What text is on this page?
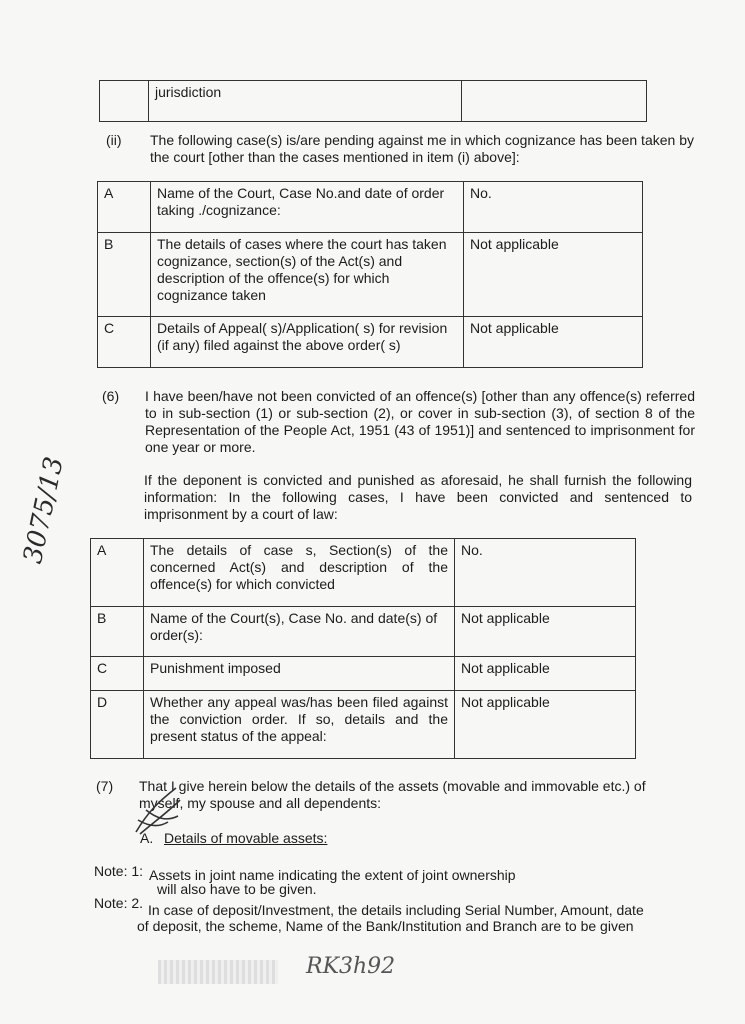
	jurisdiction	
(ii) The following case(s) is/are pending against me in which cognizance has been taken by the court [other than the cases mentioned in item (i) above]:
A	Name of the Court, Case No.and date of order taking ./cognizance:	No.
B	The details of cases where the court has taken cognizance, section(s) of the Act(s) and description of the offence(s) for which cognizance taken	Not applicable
C	Details of Appeal( s)/Application( s) for revision (if any) filed against the above order( s)	Not applicable
(6) I have been/have not been convicted of an offence(s) [other than any offence(s) referred to in sub-section (1) or sub-section (2), or cover in sub-section (3), of section 8 of the Representation of the People Act, 1951 (43 of 1951)] and sentenced to imprisonment for one year or more.
If the deponent is convicted and punished as aforesaid, he shall furnish the following information: In the following cases, I have been convicted and sentenced to imprisonment by a court of law:
3075/13 A	The details of case s, Section(s) of the concerned Act(s) and description of the offence(s) for which convicted	No.
B	Name of the Court(s), Case No. and date(s) of order(s):	Not applicable
C	Punishment imposed	Not applicable
D	Whether any appeal was/has been filed against the conviction order. If so, details and the present status of the appeal:	Not applicable
(7) That I give herein below the details of the assets (movable and immovable etc.) of myself, my spouse and all dependents:
A. Details of movable assets:
Note: 1: Assets in joint name indicating the extent of joint ownership
will also have to be given.
Note: 2. In case of deposit/Investment, the details including Serial Number, Amount, date
of deposit, the scheme, Name of the Bank/Institution and Branch are to be given
RK3h92
